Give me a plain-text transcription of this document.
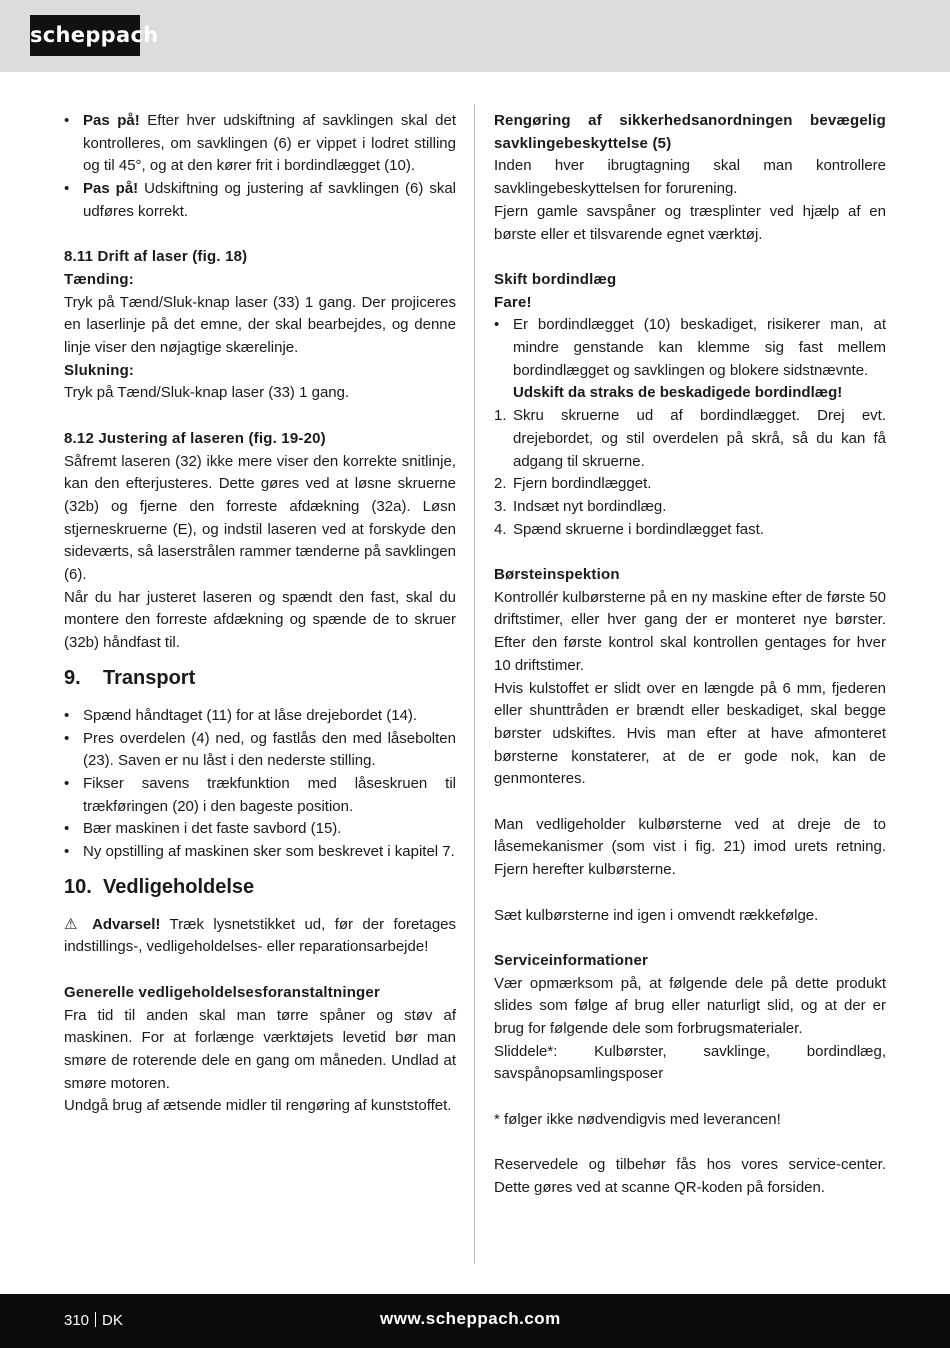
scheppach

• Pas på! Efter hver udskiftning af savklingen skal det kontrolleres, om savklingen (6) er vippet i lodret stilling og til 45°, og at den kører frit i bordindlægget (10).

• Pas på! Udskiftning og justering af savklingen (6) skal udføres korrekt.

8.11 Drift af laser (fig. 18)

Tænding:

Tryk på Tænd/Sluk-knap laser (33) 1 gang. Der projiceres en laserlinje på det emne, der skal bearbejdes, og denne linje viser den nøjagtige skærelinje.

Slukning:

Tryk på Tænd/Sluk-knap laser (33) 1 gang.

8.12 Justering af laseren (fig. 19-20)

Såfremt laseren (32) ikke mere viser den korrekte snitlinje, kan den efterjusteres. Dette gøres ved at løsne skruerne (32b) og fjerne den forreste afdækning (32a). Løsn stjerneskruerne (E), og indstil laseren ved at forskyde den sideværts, så laserstrålen rammer tænderne på savklingen (6).

Når du har justeret laseren og spændt den fast, skal du montere den forreste afdækning og spænde de to skruer (32b) håndfast til.

9. Transport

• Spænd håndtaget (11) for at låse drejebordet (14).

• Pres overdelen (4) ned, og fastlås den med låsebolten (23). Saven er nu låst i den nederste stilling.

• Fikser savens trækfunktion med låseskruen til trækføringen (20) i den bageste position.

• Bær maskinen i det faste savbord (15).

• Ny opstilling af maskinen sker som beskrevet i kapitel 7.

10. Vedligeholdelse

⚠ Advarsel! Træk lysnetstikket ud, før der foretages indstillings-, vedligeholdelses- eller reparationsarbejde!

Generelle vedligeholdelsesforanstaltninger

Fra tid til anden skal man tørre spåner og støv af maskinen. For at forlænge værktøjets levetid bør man smøre de roterende dele en gang om måneden. Undlad at smøre motoren.

Undgå brug af ætsende midler til rengøring af kunststoffet.

Rengøring af sikkerhedsanordningen bevægelig savklingebeskyttelse (5)

Inden hver ibrugtagning skal man kontrollere savklingebeskyttelsen for forurening.

Fjern gamle savspåner og træsplinter ved hjælp af en børste eller et tilsvarende egnet værktøj.

Skift bordindlæg

Fare!

• Er bordindlægget (10) beskadiget, risikerer man, at mindre genstande kan klemme sig fast mellem bordindlægget og savklingen og blokere sidstnævnte.
Udskift da straks de beskadigede bordindlæg!

1. Skru skruerne ud af bordindlægget. Drej evt. drejebordet, og stil overdelen på skrå, så du kan få adgang til skruerne.

2. Fjern bordindlægget.

3. Indsæt nyt bordindlæg.

4. Spænd skruerne i bordindlægget fast.

Børsteinspektion

Kontrollér kulbørsterne på en ny maskine efter de første 50 driftstimer, eller hver gang der er monteret nye børster. Efter den første kontrol skal kontrollen gentages for hver 10 driftstimer.

Hvis kulstoffet er slidt over en længde på 6 mm, fjederen eller shunttråden er brændt eller beskadiget, skal begge børster udskiftes. Hvis man efter at have afmonteret børsterne konstaterer, at de er gode nok, kan de genmonteres.

Man vedligeholder kulbørsterne ved at dreje de to låsemekanismer (som vist i fig. 21) imod urets retning. Fjern herefter kulbørsterne.

Sæt kulbørsterne ind igen i omvendt rækkefølge.

Serviceinformationer

Vær opmærksom på, at følgende dele på dette produkt slides som følge af brug eller naturligt slid, og at der er brug for følgende dele som forbrugsmaterialer.

Sliddele*: Kulbørster, savklinge, bordindlæg, savspånopsamlingsposer

* følger ikke nødvendigvis med leverancen!

Reservedele og tilbehør fås hos vores service-center. Dette gøres ved at scanne QR-koden på forsiden.

310 DK	www.scheppach.com
